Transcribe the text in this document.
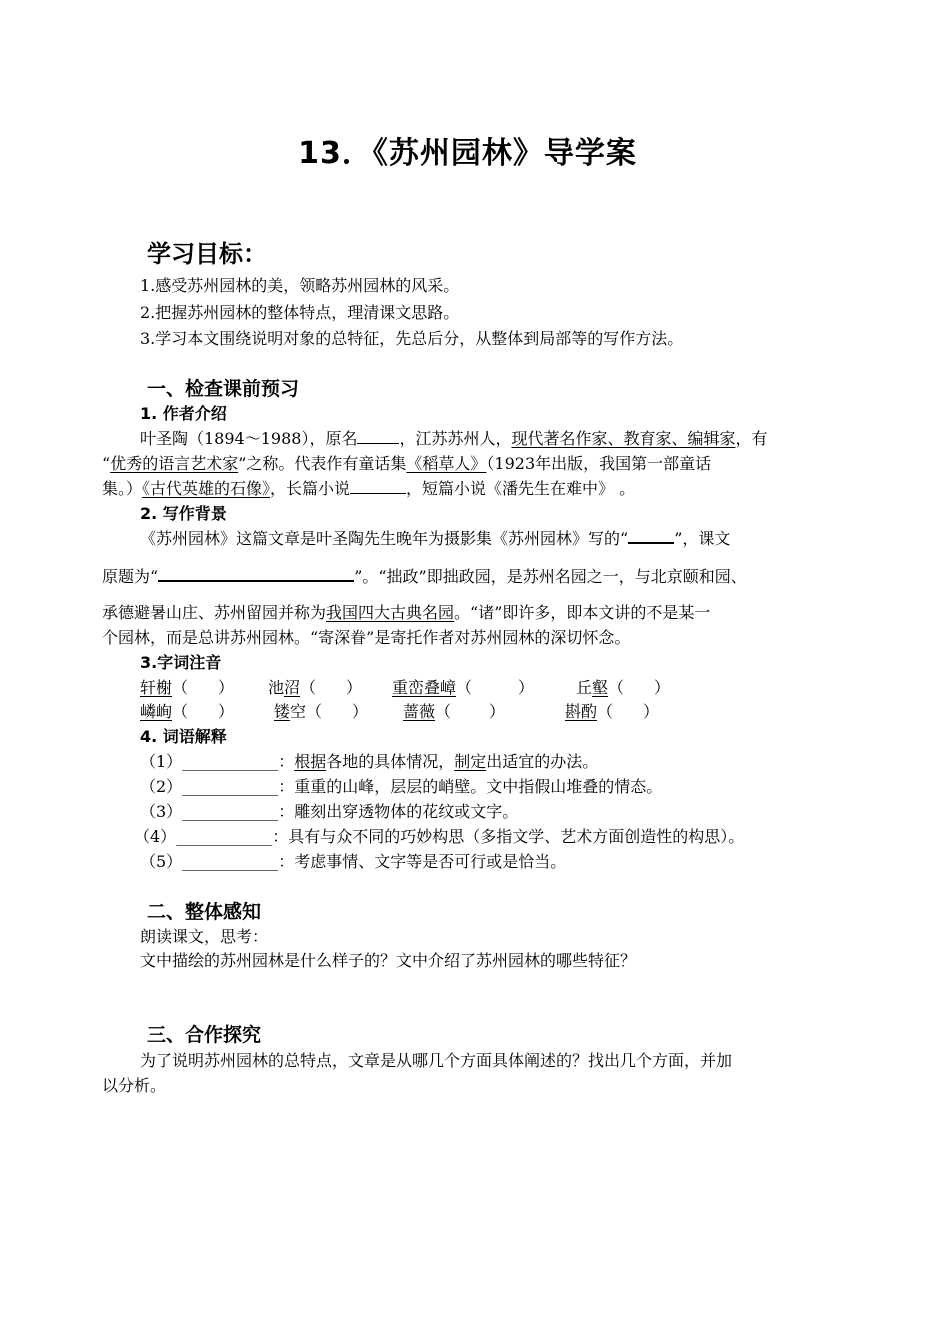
13．《苏州园林》导学案
学习目标：
1.感受苏州园林的美，领略苏州园林的风采。
2.把握苏州园林的整体特点，理清课文思路。
3.学习本文围绕说明对象的总特征，先总后分，从整体到局部等的写作方法。
一、检查课前预习
1. 作者介绍
叶圣陶（1894～1988），原名	，江苏苏州人，现代著名作家、教育家、编辑家，有
“优秀的语言艺术家”之称。代表作有童话集《稻草人》（1923年出版，我国第一部童话
集。）《古代英雄的石像》，长篇小说	，短篇小说《潘先生在难中》 。
2. 写作背景
《苏州园林》这篇文章是叶圣陶先生晚年为摄影集《苏州园林》写的“	”，课文
原题为“	”。“拙政”即拙政园，是苏州名园之一，与北京颐和园、
承德避暑山庄、苏州留园并称为我国四大古典名园。“诸”即许多，即本文讲的不是某一
个园林，而是总讲苏州园林。“寄深眷”是寄托作者对苏州园林的深切怀念。
3.字词注音
轩榭（ ） 池沼（ ） 重峦叠嶂（	）	丘壑（ ）
嶙峋（ ） 镂空（ ） 蔷薇（ ）	斟酌（ ）
4. 词语解释
（1）____________：根据各地的具体情况，制定出适宜的办法。
（2）____________：重重的山峰，层层的峭壁。文中指假山堆叠的情态。
（3）____________：雕刻出穿透物体的花纹或文字。
（4）____________：具有与众不同的巧妙构思（多指文学、艺术方面创造性的构思）。
（5）____________：考虑事情、文字等是否可行或是恰当。
二、整体感知
朗读课文，思考：
文中描绘的苏州园林是什么样子的？文中介绍了苏州园林的哪些特征？
三、合作探究
为了说明苏州园林的总特点，文章是从哪几个方面具体阐述的？找出几个方面，并加
以分析。
